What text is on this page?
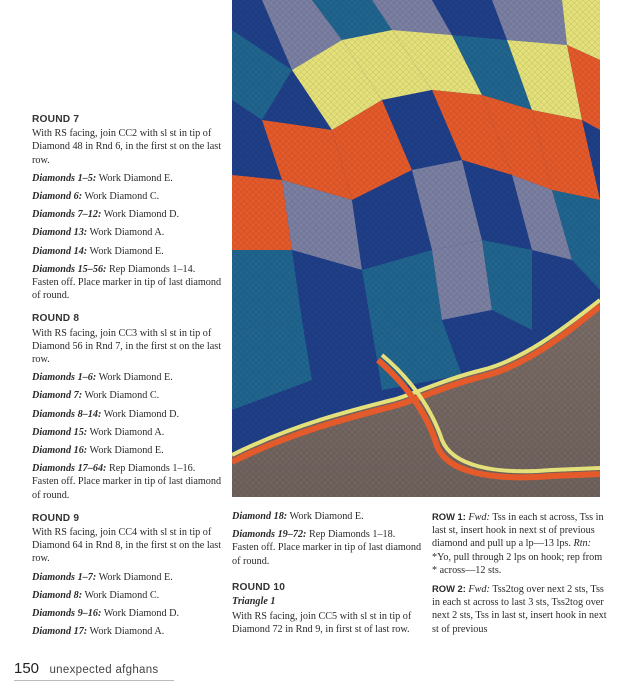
ROUND 7
With RS facing, join CC2 with sl st in tip of Diamond 48 in Rnd 6, in the first st on the last row.
Diamonds 1–5: Work Diamond E.
Diamond 6: Work Diamond C.
Diamonds 7–12: Work Diamond D.
Diamond 13: Work Diamond A.
Diamond 14: Work Diamond E.
Diamonds 15–56: Rep Diamonds 1–14. Fasten off. Place marker in tip of last diamond of round.
ROUND 8
With RS facing, join CC3 with sl st in tip of Diamond 56 in Rnd 7, in the first st on the last row.
Diamonds 1–6: Work Diamond E.
Diamond 7: Work Diamond C.
Diamonds 8–14: Work Diamond D.
Diamond 15: Work Diamond A.
Diamond 16: Work Diamond E.
Diamonds 17–64: Rep Diamonds 1–16. Fasten off. Place marker in tip of last diamond of round.
ROUND 9
With RS facing, join CC4 with sl st in tip of Diamond 64 in Rnd 8, in the first st on the last row.
Diamonds 1–7: Work Diamond E.
Diamond 8: Work Diamond C.
Diamonds 9–16: Work Diamond D.
Diamond 17: Work Diamond A.
Diamond 18: Work Diamond E.
Diamonds 19–72: Rep Diamonds 1–18. Fasten off. Place marker in tip of last diamond of round.
ROUND 10
Triangle 1
With RS facing, join CC5 with sl st in tip of Diamond 72 in Rnd 9, in first st of last row.
ROW 1: Fwd: Tss in each st across, Tss in last st, insert hook in next st of previous diamond and pull up a lp—13 lps. Rtn: *Yo, pull through 2 lps on hook; rep from * across—12 sts.
ROW 2: Fwd: Tss2tog over next 2 sts, Tss in each st across to last 3 sts, Tss2tog over next 2 sts, Tss in last st, insert hook in next st of previous
150 unexpected afghans
